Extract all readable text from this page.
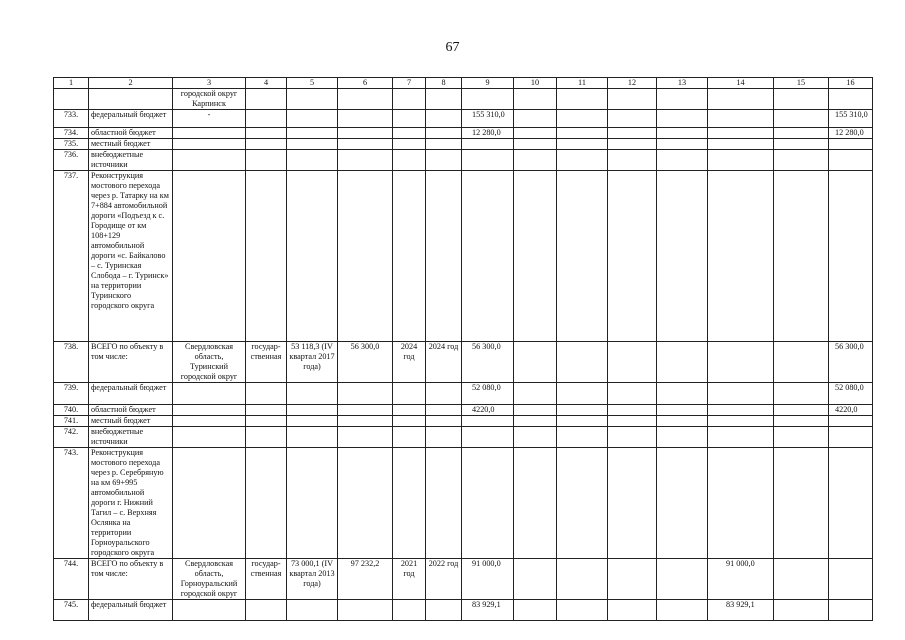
67
1	2	3	4	5	6	7	8	9	10	11	12	13	14	15	16
		городской округ Карпинск													
733.	федеральный бюджет	-						155 310,0							155 310,0
734.	областной бюджет							12 280,0							12 280,0
735.	местный бюджет														
736.	внебюджетные источники														
737.	Реконструкция мостового перехода через р. Татарку на км 7+884 автомобильной дороги «Подъезд к с. Городище от км 108+129 автомобильной дороги «с. Байкалово – с. Туринская Слобода – г. Туринск» на территории Туринского городского округа														
738.	ВСЕГО по объекту в том числе:	Свердловская область, Туринский городской округ	государ-ственная	53 118,3 (IV квартал 2017 года)	56 300,0	2024 год	2024 год	56 300,0							56 300,0
739.	федеральный бюджет							52 080,0							52 080,0
740.	областной бюджет							4220,0							4220,0
741.	местный бюджет														
742.	внебюджетные источники														
743.	Реконструкция мостового перехода через р. Серебряную на км 69+995 автомобильной дороги г. Нижний Тагил – с. Верхняя Ослянка на территории Горноуральского городского округа														
744.	ВСЕГО по объекту в том числе:	Свердловская область, Горноуральский городской округ	государ-ственная	73 000,1 (IV квартал 2013 года)	97 232,2	2021 год	2022 год	91 000,0					91 000,0		
745.	федеральный бюджет							83 929,1					83 929,1		
